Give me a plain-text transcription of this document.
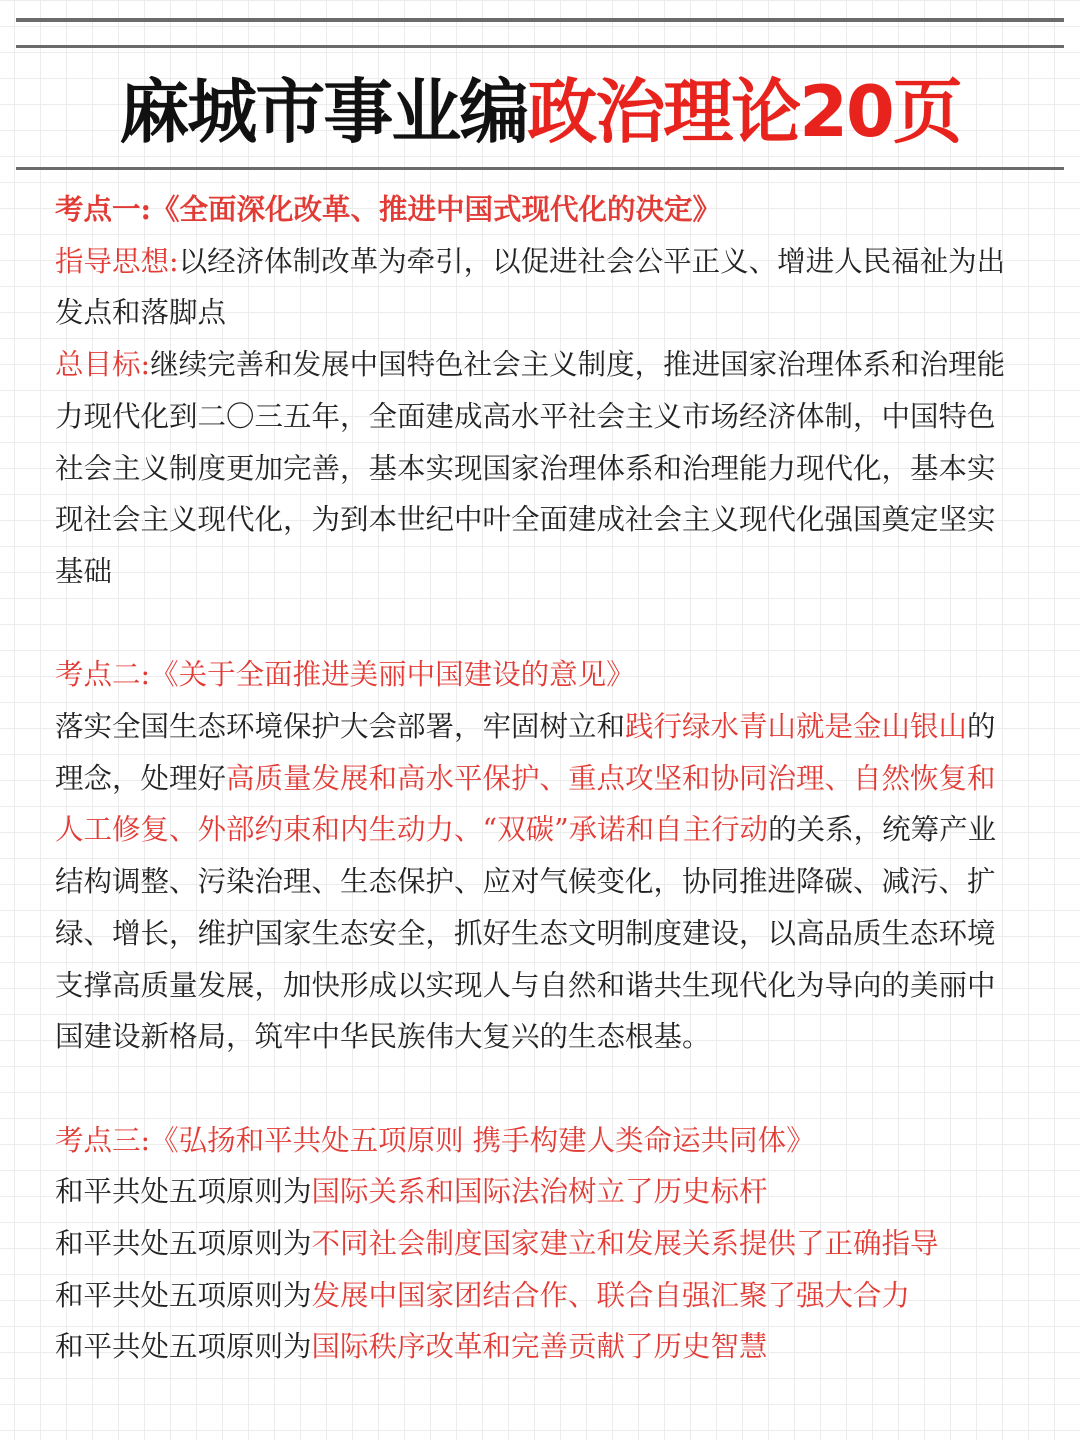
麻城市事业编政治理论20页

考点一:《全面深化改革、推进中国式现代化的决定》

指导思想:以经济体制改革为牵引，以促进社会公平正义、增进人民福祉为出发点和落脚点

总目标:继续完善和发展中国特色社会主义制度，推进国家治理体系和治理能力现代化到二〇三五年，全面建成高水平社会主义市场经济体制，中国特色社会主义制度更加完善，基本实现国家治理体系和治理能力现代化，基本实现社会主义现代化，为到本世纪中叶全面建成社会主义现代化强国奠定坚实基础

考点二:《关于全面推进美丽中国建设的意见》

落实全国生态环境保护大会部署，牢固树立和践行绿水青山就是金山银山的理念，处理好高质量发展和高水平保护、重点攻坚和协同治理、自然恢复和人工修复、外部约束和内生动力、“双碳”承诺和自主行动的关系，统筹产业结构调整、污染治理、生态保护、应对气候变化，协同推进降碳、减污、扩绿、增长，维护国家生态安全，抓好生态文明制度建设，以高品质生态环境支撑高质量发展，加快形成以实现人与自然和谐共生现代化为导向的美丽中国建设新格局，筑牢中华民族伟大复兴的生态根基。

考点三:《弘扬和平共处五项原则 携手构建人类命运共同体》

和平共处五项原则为国际关系和国际法治树立了历史标杆

和平共处五项原则为不同社会制度国家建立和发展关系提供了正确指导

和平共处五项原则为发展中国家团结合作、联合自强汇聚了强大合力

和平共处五项原则为国际秩序改革和完善贡献了历史智慧
